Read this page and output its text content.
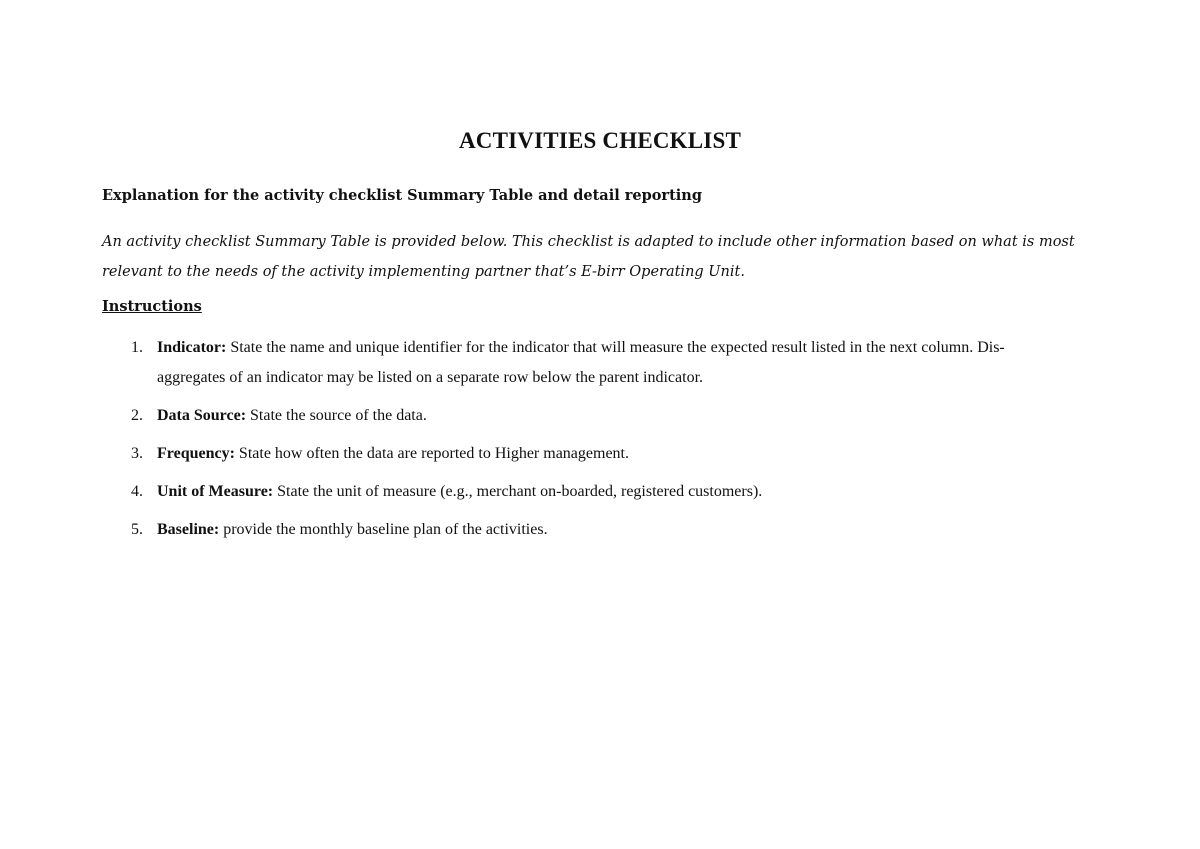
ACTIVITIES CHECKLIST

Explanation for the activity checklist Summary Table and detail reporting

An activity checklist Summary Table is provided below. This checklist is adapted to include other information based on what is most relevant to the needs of the activity implementing partner that’s E-birr Operating Unit.

Instructions

1. Indicator: State the name and unique identifier for the indicator that will measure the expected result listed in the next column. Dis-aggregates of an indicator may be listed on a separate row below the parent indicator.
2. Data Source: State the source of the data.
3. Frequency: State how often the data are reported to Higher management.
4. Unit of Measure: State the unit of measure (e.g., merchant on-boarded, registered customers).
5. Baseline: provide the monthly baseline plan of the activities.
